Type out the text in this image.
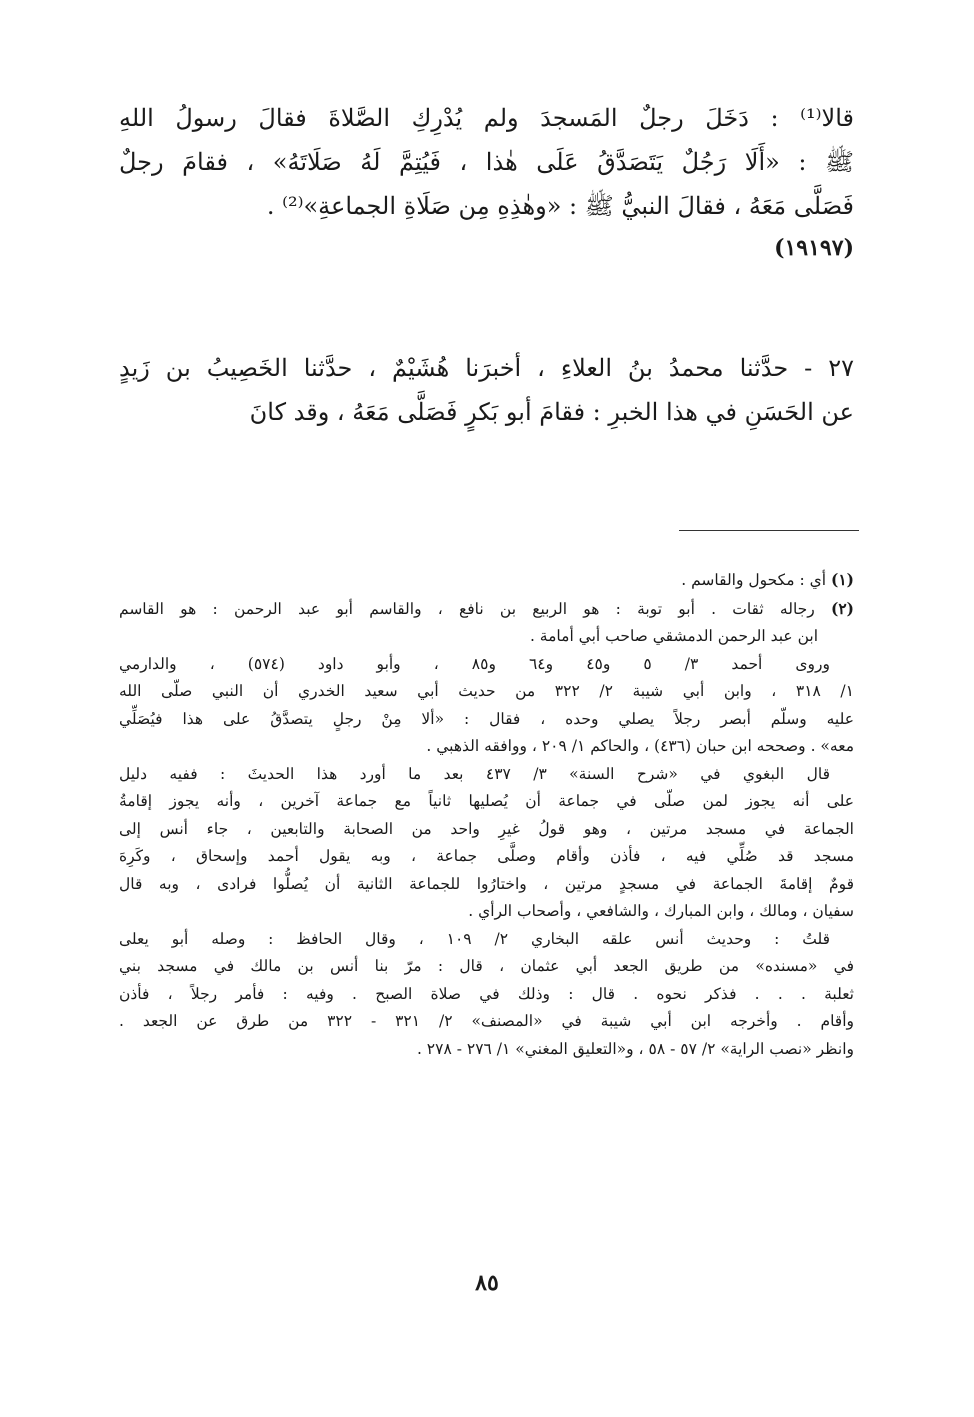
قالا⁽¹⁾ : دَخَلَ رجلٌ المَسجدَ ولم يُدْرِكِ الصَّلاةَ فقالَ رسولُ اللهِ

ﷺ : «أَلَا رَجُلٌ يَتَصَدَّقُ عَلَى هٰذا ، فَيُتِمَّ لَهُ صَلَاتَهُ» ، فقامَ رجلٌ

فَصَلَّى مَعَهُ ، فقالَ النبيُّ ﷺ : «وهٰذِهِ مِن صَلَاةِ الجماعةِ»⁽²⁾ .

(١٩١٩٧)

٢٧ - حدَّثنا محمدُ بنُ العلاءِ ، أخبرَنا هُشَيْمٌ ، حدَّثنا الخَصِيبُ بن زَيدٍ

عن الحَسَنِ في هذا الخبرِ : فقامَ أبو بَكرٍ فَصَلَّى مَعَهُ ، وقد كانَ

(١) أي : مكحول والقاسم .

(٢) رجاله ثقات . أبو توبة : هو الربيع بن نافع ، والقاسم أبو عبد الرحمن : هو القاسم

ابن عبد الرحمن الدمشقي صاحب أبي أمامة .

وروى أحمد ٣/ ٥ و٤٥ و٦٤ و٨٥ ، وأبو داود (٥٧٤) ، والدارمي

١/ ٣١٨ ، وابن أبي شيبة ٢/ ٣٢٢ من حديث أبي سعيد الخدري أن النبي صلّى الله

عليه وسلّم أبصر رجلاً يصلي وحده ، فقال : «ألا مِنْ رجلٍ يتصدَّقُ على هذا فيُصَلِّي

معه» . وصححه ابن حبان (٤٣٦) ، والحاكم ١/ ٢٠٩ ، ووافقه الذهبي .

قال البغوي في «شرح السنة» ٣/ ٤٣٧ بعد ما أورد هذا الحديثَ : ففيه دليل

على أنه يجوز لمن صلّى في جماعة أن يُصليها ثانياً مع جماعة آخرين ، وأنه يجوز إقامةُ

الجماعة في مسجد مرتين ، وهو قولُ غيرِ واحد من الصحابة والتابعين ، جاء أنس إلى

مسجد قد صُلِّي فيه ، فأذن وأقام وصلَّى جماعة ، وبه يقول أحمد وإسحاق ، وكَرِهَ

قومٌ إقامةَ الجماعة في مسجدٍ مرتين ، واختارُوا للجماعة الثانية أن يُصلُّوا فرادى ، وبه قال

سفيان ، ومالك ، وابن المبارك ، والشافعي ، وأصحاب الرأي .

قلتُ : وحديث أنس علقه البخاري ٢/ ١٠٩ ، وقال الحافظ : وصله أبو يعلى

في «مسنده» من طريق الجعد أبي عثمان ، قال : مرّ بنا أنس بن مالك في مسجد بني

ثعلبة . . . فذكر نحوه . قال : وذلك في صلاة الصبح . وفيه : فأمر رجلاً ، فأذن

وأقام . وأخرجه ابن أبي شيبة في «المصنف» ٢/ ٣٢١ - ٣٢٢ من طرق عن الجعد .

وانظر «نصب الراية» ٢/ ٥٧ - ٥٨ ، و«التعليق المغني» ١/ ٢٧٦ - ٢٧٨ .

٨٥
